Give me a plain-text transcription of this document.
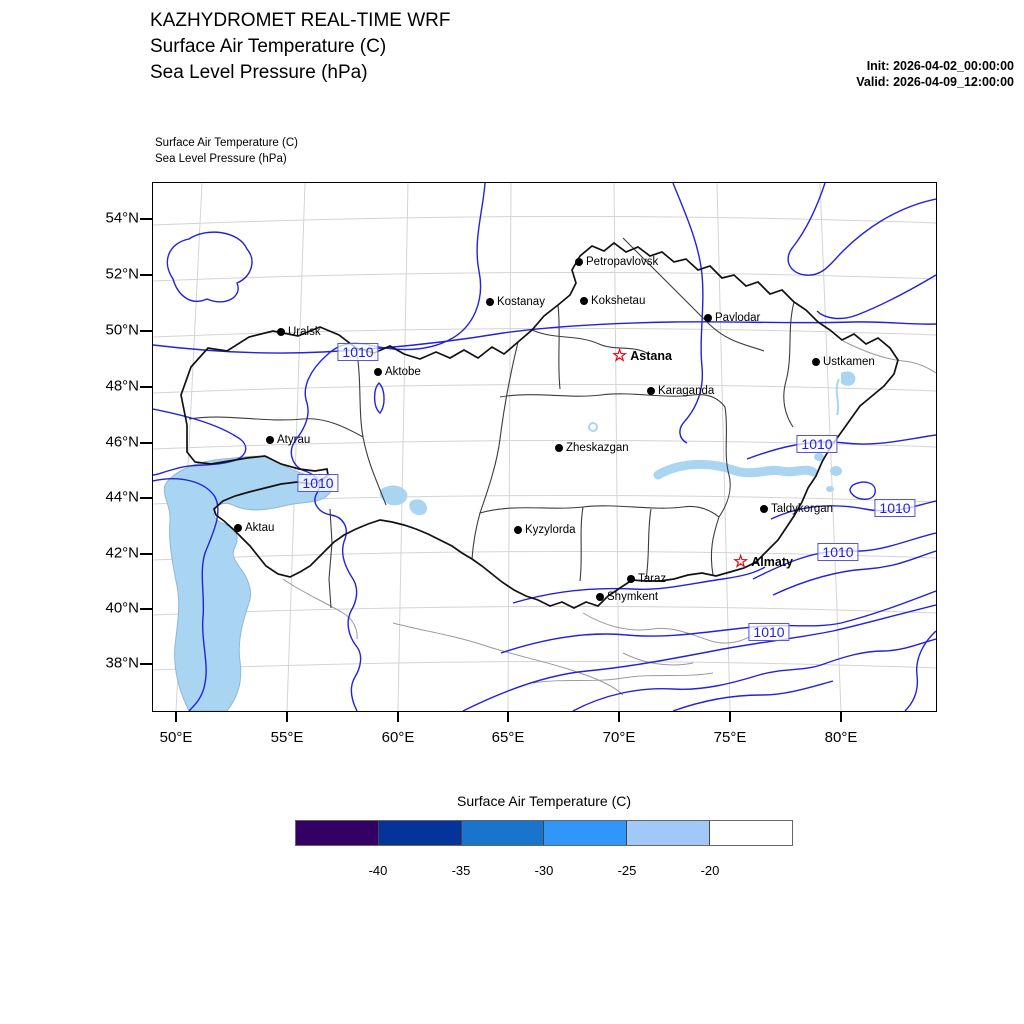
KAZHYDROMET REAL-TIME WRF
Surface Air Temperature (C)
Sea Level Pressure (hPa)	Init: 2026-04-02_00:00:00
Valid: 2026-04-09_12:00:00
Surface Air Temperature (C)
Sea Level Pressure (hPa)
Petropavlovsk
Kostanay	Kokshetau
Pavlodar
Uralsk
☆ Astana	Ustkamen
Aktobe
Karaganda
Atyrau
Zheskazgan
Taldykorgan
Aktau	Kyzylorda
☆ Almaty
Taraz
Shymkent
1010
1010
1010
1010
1010
1010
54°N
52°N
50°N
48°N
46°N
44°N
42°N
40°N
38°N
50°E	55°E	60°E	65°E	70°E	75°E	80°E
Surface Air Temperature (C)
-40	-35	-30	-25	-20
